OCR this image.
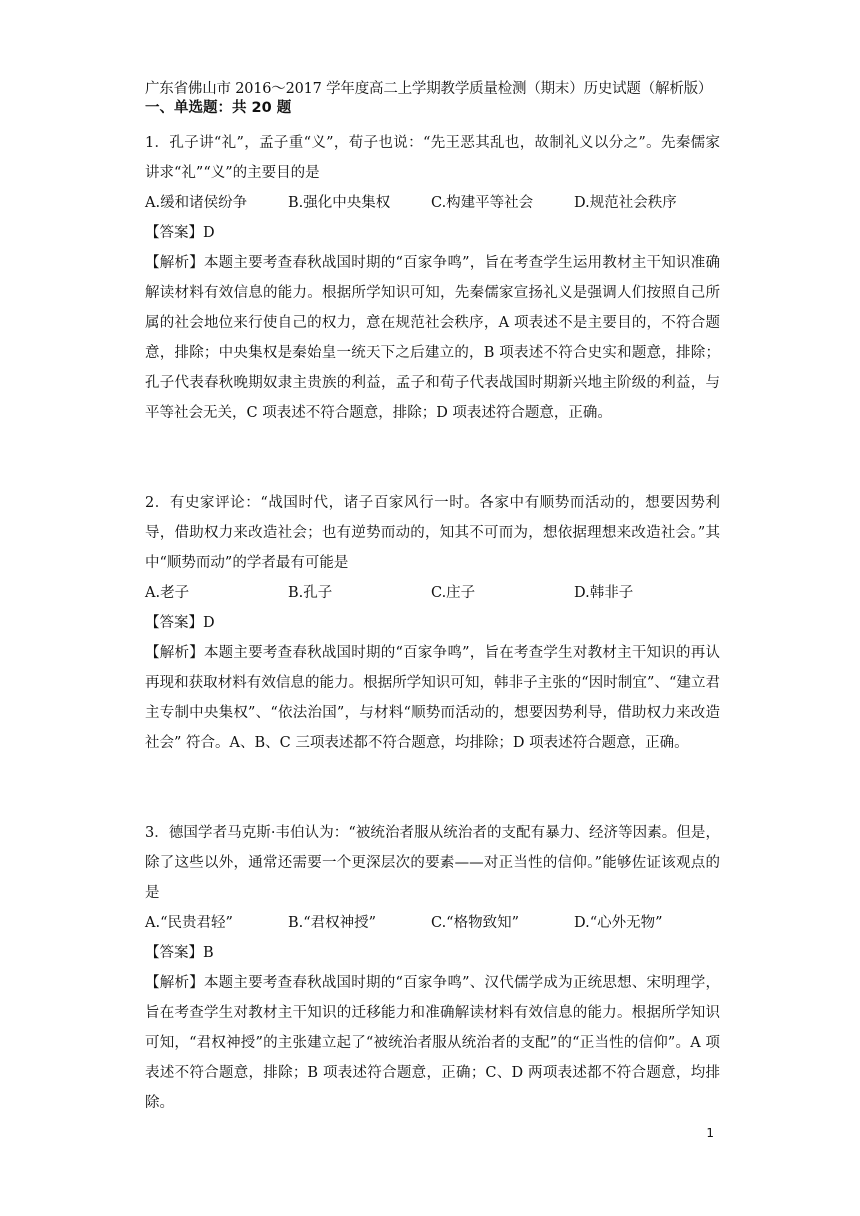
广东省佛山市 2016～2017 学年度高二上学期教学质量检测（期末）历史试题（解析版）
一、单选题：共 20 题
1．孔子讲“礼”，孟子重“义”，荀子也说：“先王恶其乱也，故制礼义以分之”。先秦儒家讲求“礼”“义”的主要目的是
A.缓和诸侯纷争	B.强化中央集权	C.构建平等社会	D.规范社会秩序
【答案】D
【解析】本题主要考查春秋战国时期的“百家争鸣”，旨在考查学生运用教材主干知识准确解读材料有效信息的能力。根据所学知识可知，先秦儒家宣扬礼义是强调人们按照自己所属的社会地位来行使自己的权力，意在规范社会秩序，A 项表述不是主要目的，不符合题意，排除；中央集权是秦始皇一统天下之后建立的，B 项表述不符合史实和题意，排除；孔子代表春秋晚期奴隶主贵族的利益，孟子和荀子代表战国时期新兴地主阶级的利益，与平等社会无关，C 项表述不符合题意，排除；D 项表述符合题意，正确。
2．有史家评论：“战国时代，诸子百家风行一时。各家中有顺势而活动的，想要因势利导，借助权力来改造社会；也有逆势而动的，知其不可而为，想依据理想来改造社会。”其中“顺势而动”的学者最有可能是
A.老子	B.孔子	C.庄子	D.韩非子
【答案】D
【解析】本题主要考查春秋战国时期的“百家争鸣”，旨在考查学生对教材主干知识的再认再现和获取材料有效信息的能力。根据所学知识可知，韩非子主张的“因时制宜”、“建立君主专制中央集权”、“依法治国”，与材料“顺势而活动的，想要因势利导，借助权力来改造社会” 符合。A、B、C 三项表述都不符合题意，均排除；D 项表述符合题意，正确。
3．德国学者马克斯·韦伯认为：“被统治者服从统治者的支配有暴力、经济等因素。但是，除了这些以外，通常还需要一个更深层次的要素——对正当性的信仰。”能够佐证该观点的是
A.“民贵君轻”	B.“君权神授”	C.“格物致知”	D.“心外无物”
【答案】B
【解析】本题主要考查春秋战国时期的“百家争鸣”、汉代儒学成为正统思想、宋明理学，旨在考查学生对教材主干知识的迁移能力和准确解读材料有效信息的能力。根据所学知识可知，“君权神授”的主张建立起了“被统治者服从统治者的支配”的“正当性的信仰”。A 项表述不符合题意，排除；B 项表述符合题意，正确；C、D 两项表述都不符合题意，均排除。
1
